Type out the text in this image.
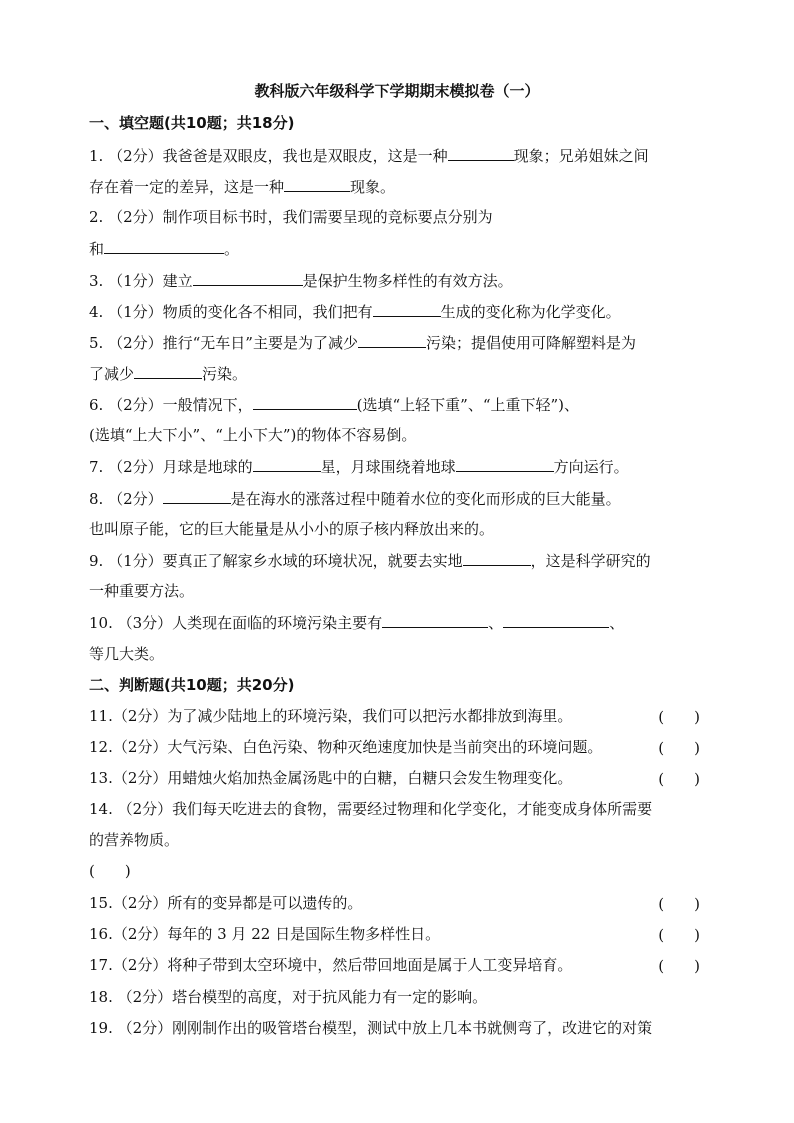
教科版六年级科学下学期期末模拟卷（一）
一、填空题(共10题；共18分)
1. （2分）我爸爸是双眼皮，我也是双眼皮，这是一种	现象；兄弟姐妹之间
存在着一定的差异，这是一种	现象。
2. （2分）制作项目标书时，我们需要呈现的竞标要点分别为
和	。
3. （1分）建立	是保护生物多样性的有效方法。
4. （1分）物质的变化各不相同，我们把有	生成的变化称为化学变化。
5. （2分）推行“无车日”主要是为了减少	污染；提倡使用可降解塑料是为
了减少	污染。
6. （2分）一般情况下，	(选填“上轻下重”、“上重下轻”)、
(选填“上大下小”、“上小下大”)的物体不容易倒。
7. （2分）月球是地球的	星，月球围绕着地球	方向运行。
8. （2分）	是在海水的涨落过程中随着水位的变化而形成的巨大能量。
也叫原子能，它的巨大能量是从小小的原子核内释放出来的。
9. （1分）要真正了解家乡水域的环境状况，就要去实地	，这是科学研究的
一种重要方法。
10. （3分）人类现在面临的环境污染主要有	、	、
等几大类。
二、判断题(共10题；共20分)
11.（2分）为了减少陆地上的环境污染，我们可以把污水都排放到海里。	(　　)
12.（2分）大气污染、白色污染、物种灭绝速度加快是当前突出的环境问题。	(　　)
13.（2分）用蜡烛火焰加热金属汤匙中的白糖，白糖只会发生物理变化。	(　　)
14. （2分）我们每天吃进去的食物，需要经过物理和化学变化，才能变成身体所需要
的营养物质。
(　　)
15.（2分）所有的变异都是可以遗传的。	(　　)
16.（2分）每年的 3 月 22 日是国际生物多样性日。	(　　)
17.（2分）将种子带到太空环境中，然后带回地面是属于人工变异培育。	(　　)
18. （2分）塔台模型的高度，对于抗风能力有一定的影响。
19. （2分）刚刚制作出的吸管塔台模型，测试中放上几本书就侧弯了，改进它的对策
